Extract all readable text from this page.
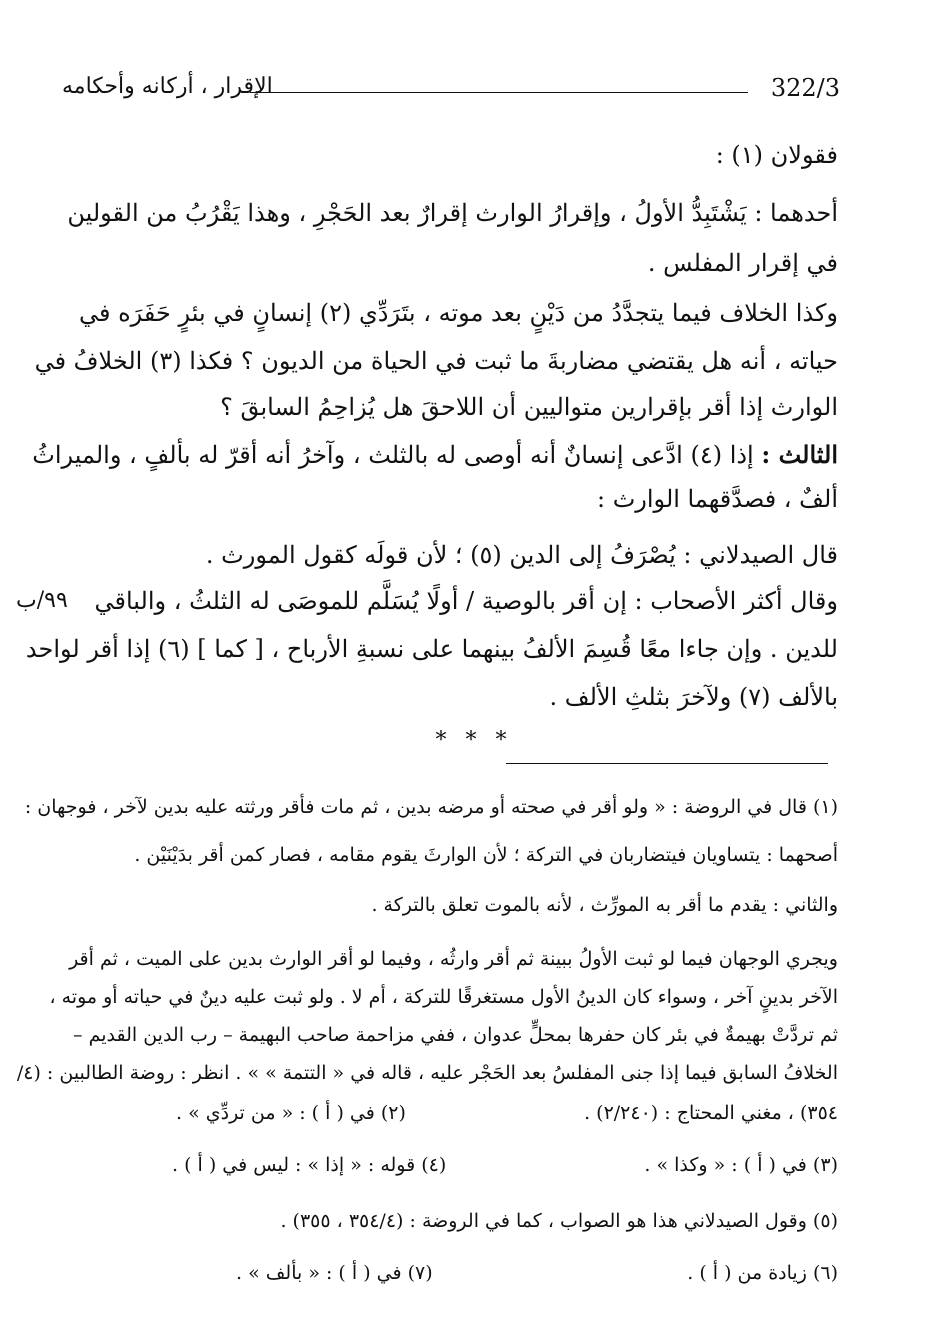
322/3
الإقرار ، أركانه وأحكامه
فقولان (١) :
أحدهما : يَشْتَبِدُّ الأولُ ، وإقرارُ الوارث إقرارٌ بعد الحَجْرِ ، وهذا يَقْرُبُ من القولين
في إقرار المفلس .
وكذا الخلاف فيما يتجدَّدُ من دَيْنٍ بعد موته ، بتَرَدِّي (٢) إنسانٍ في بئرٍ حَفَرَه في
حياته ، أنه هل يقتضي مضاربةَ ما ثبت في الحياة من الديون ؟ فكذا (٣) الخلافُ في
الوارث إذا أقر بإقرارين متواليين أن اللاحقَ هل يُزاحِمُ السابقَ ؟
الثالث : إذا (٤) ادَّعى إنسانٌ أنه أوصى له بالثلث ، وآخرُ أنه أقرّ له بألفٍ ، والميراثُ
ألفٌ ، فصدَّقهما الوارث :
قال الصيدلاني : يُصْرَفُ إلى الدين (٥) ؛ لأن قولَه كقول المورث .
وقال أكثر الأصحاب : إن أقر بالوصية / أولًا يُسَلَّم للموصَى له الثلثُ ، والباقي
للدين . وإن جاءا معًا قُسِمَ الألفُ بينهما على نسبةِ الأرباح ، [ كما ] (٦) إذا أقر لواحد
بالألف (٧) ولآخرَ بثلثِ الألف .
٩٩/ب
* * *
(١) قال في الروضة : « ولو أقر في صحته أو مرضه بدين ، ثم مات فأقر ورثته عليه بدين لآخر ، فوجهان :
أصحهما : يتساويان فيتضاربان في التركة ؛ لأن الوارثَ يقوم مقامه ، فصار كمن أقر بدَيْنَيْن .
والثاني : يقدم ما أقر به المورِّث ، لأنه بالموت تعلق بالتركة .
ويجري الوجهان فيما لو ثبت الأولُ ببينة ثم أقر وارثُه ، وفيما لو أقر الوارث بدين على الميت ، ثم أقر
الآخر بدينٍ آخر ، وسواء كان الدينُ الأول مستغرقًا للتركة ، أم لا . ولو ثبت عليه دينٌ في حياته أو موته ،
ثم تردَّتْ بهيمةٌ في بئر كان حفرها بمحلٍّ عدوان ، ففي مزاحمة صاحب البهيمة – رب الدين القديم –
الخلافُ السابق فيما إذا جنى المفلسُ بعد الحَجْر عليه ، قاله في « التتمة » » . انظر : روضة الطالبين : (٤/
٣٥٤) ، مغني المحتاج : (٢/٢٤٠) .
(٢) في ( أ ) : « من تردِّي » .
(٣) في ( أ ) : « وكذا » .
(٤) قوله : « إذا » : ليس في ( أ ) .
(٥) وقول الصيدلاني هذا هو الصواب ، كما في الروضة : (٣٥٤/٤ ، ٣٥٥) .
(٦) زيادة من ( أ ) .
(٧) في ( أ ) : « بألف » .
